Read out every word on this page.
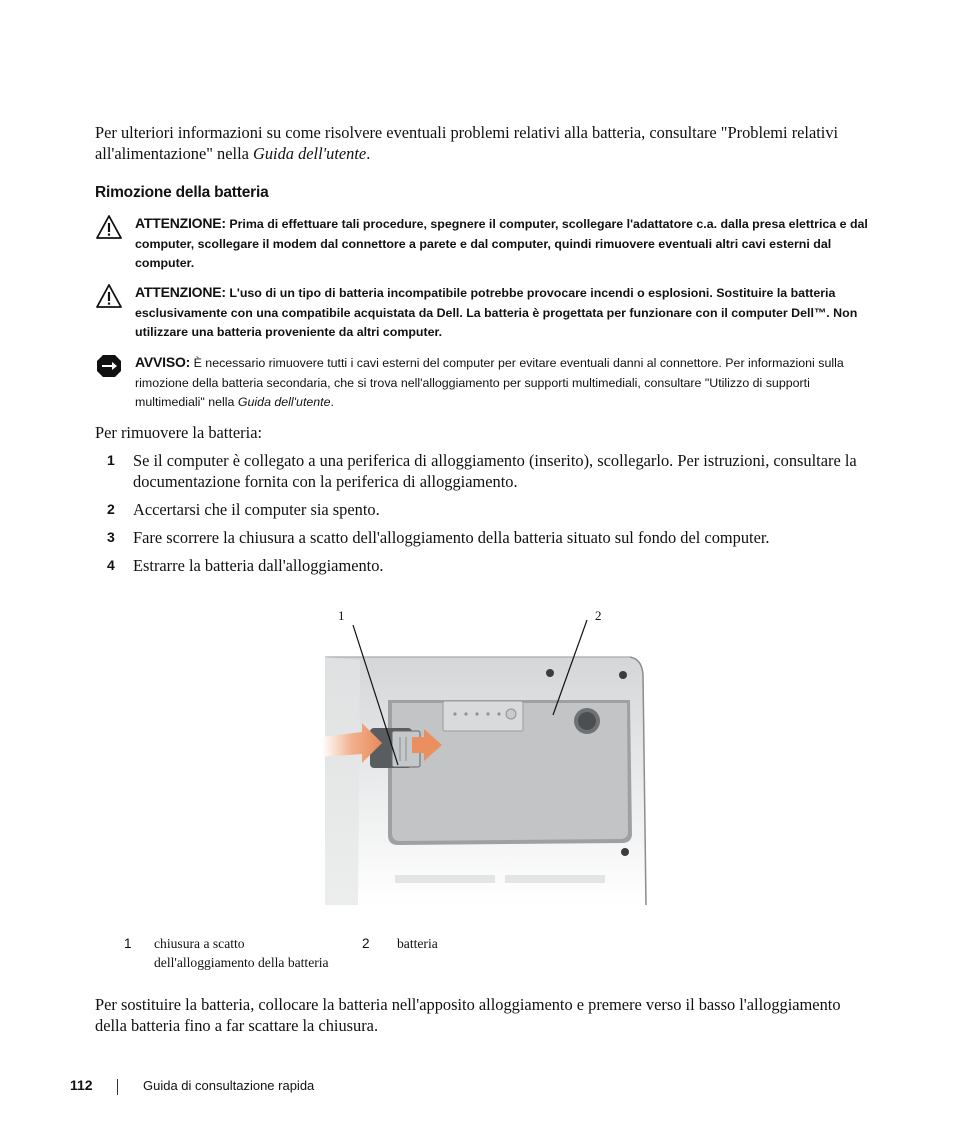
Per ulteriori informazioni su come risolvere eventuali problemi relativi alla batteria, consultare "Problemi relativi all'alimentazione" nella Guida dell'utente.
Rimozione della batteria
ATTENZIONE: Prima di effettuare tali procedure, spegnere il computer, scollegare l'adattatore c.a. dalla presa elettrica e dal computer, scollegare il modem dal connettore a parete e dal computer, quindi rimuovere eventuali altri cavi esterni dal computer.
ATTENZIONE: L'uso di un tipo di batteria incompatibile potrebbe provocare incendi o esplosioni. Sostituire la batteria esclusivamente con una compatibile acquistata da Dell. La batteria è progettata per funzionare con il computer Dell™. Non utilizzare una batteria proveniente da altri computer.
AVVISO: È necessario rimuovere tutti i cavi esterni del computer per evitare eventuali danni al connettore. Per informazioni sulla rimozione della batteria secondaria, che si trova nell'alloggiamento per supporti multimediali, consultare "Utilizzo di supporti multimediali" nella Guida dell'utente.
Per rimuovere la batteria:
1 Se il computer è collegato a una periferica di alloggiamento (inserito), scollegarlo. Per istruzioni, consultare la documentazione fornita con la periferica di alloggiamento.
2 Accertarsi che il computer sia spento.
3 Fare scorrere la chiusura a scatto dell'alloggiamento della batteria situato sul fondo del computer.
4 Estrarre la batteria dall'alloggiamento.
1	2
1 chiusura a scatto
dell'alloggiamento della batteria
2 batteria
Per sostituire la batteria, collocare la batteria nell'apposito alloggiamento e premere verso il basso l'alloggiamento della batteria fino a far scattare la chiusura.
112	Guida di consultazione rapida
